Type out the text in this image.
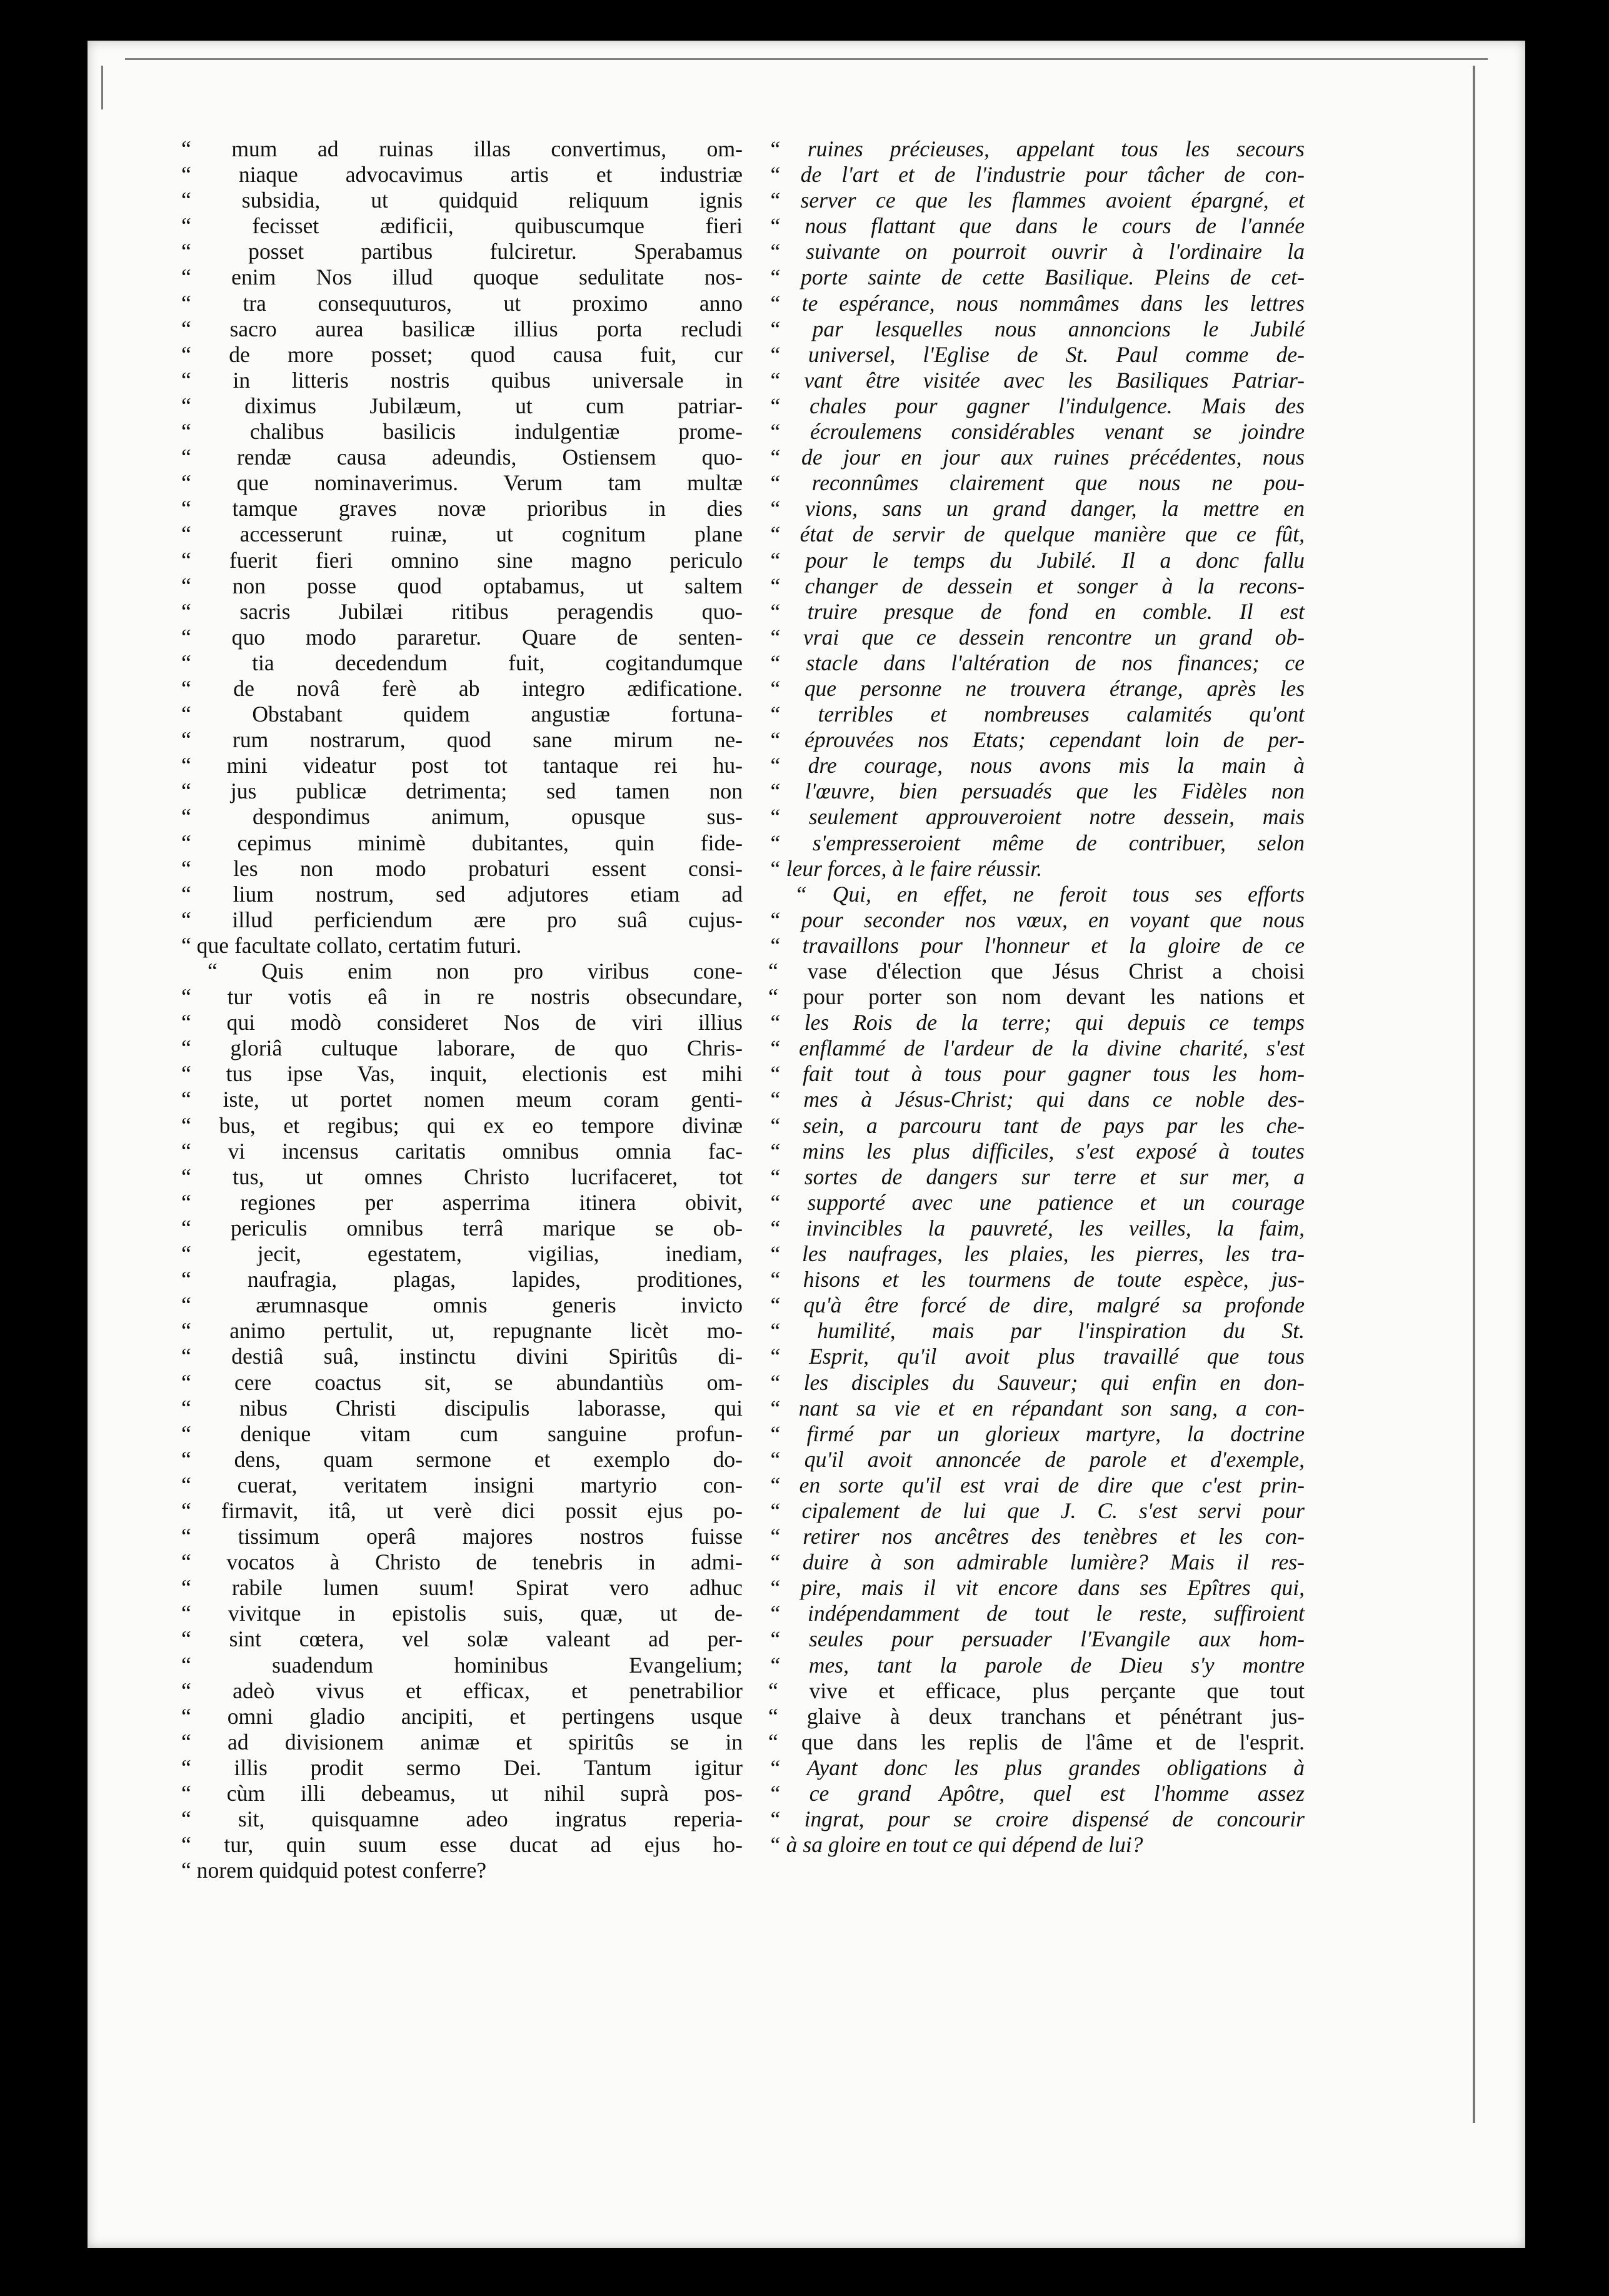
“ mum ad ruinas illas convertimus, om-
“ niaque advocavimus artis et industriæ
“ subsidia, ut quidquid reliquum ignis
“ fecisset ædificii, quibuscumque fieri
“ posset partibus fulciretur. Sperabamus
“ enim Nos illud quoque sedulitate nos-
“ tra consequuturos, ut proximo anno
“ sacro aurea basilicæ illius porta recludi
“ de more posset; quod causa fuit, cur
“ in litteris nostris quibus universale in
“ diximus Jubilæum, ut cum patriar-
“ chalibus basilicis indulgentiæ prome-
“ rendæ causa adeundis, Ostiensem quo-
“ que nominaverimus. Verum tam multæ
“ tamque graves novæ prioribus in dies
“ accesserunt ruinæ, ut cognitum plane
“ fuerit fieri omnino sine magno periculo
“ non posse quod optabamus, ut saltem
“ sacris Jubilæi ritibus peragendis quo-
“ quo modo pararetur. Quare de senten-
“ tia decedendum fuit, cogitandumque
“ de novâ ferè ab integro ædificatione.
“ Obstabant quidem angustiæ fortuna-
“ rum nostrarum, quod sane mirum ne-
“ mini videatur post tot tantaque rei hu-
“ jus publicæ detrimenta; sed tamen non
“ despondimus animum, opusque sus-
“ cepimus minimè dubitantes, quin fide-
“ les non modo probaturi essent consi-
“ lium nostrum, sed adjutores etiam ad
“ illud perficiendum ære pro suâ cujus-
“ que facultate collato, certatim futuri.
“ Quis enim non pro viribus cone-
“ tur votis eâ in re nostris obsecundare,
“ qui modò consideret Nos de viri illius
“ gloriâ cultuque laborare, de quo Chris-
“ tus ipse Vas, inquit, electionis est mihi
“ iste, ut portet nomen meum coram genti-
“ bus, et regibus; qui ex eo tempore divinæ
“ vi incensus caritatis omnibus omnia fac-
“ tus, ut omnes Christo lucrifaceret, tot
“ regiones per asperrima itinera obivit,
“ periculis omnibus terrâ marique se ob-
“ jecit, egestatem, vigilias, inediam,
“ naufragia, plagas, lapides, proditiones,
“ ærumnasque omnis generis invicto
“ animo pertulit, ut, repugnante licèt mo-
“ destiâ suâ, instinctu divini Spiritûs di-
“ cere coactus sit, se abundantiùs om-
“ nibus Christi discipulis laborasse, qui
“ denique vitam cum sanguine profun-
“ dens, quam sermone et exemplo do-
“ cuerat, veritatem insigni martyrio con-
“ firmavit, itâ, ut verè dici possit ejus po-
“ tissimum operâ majores nostros fuisse
“ vocatos à Christo de tenebris in admi-
“ rabile lumen suum! Spirat vero adhuc
“ vivitque in epistolis suis, quæ, ut de-
“ sint cœtera, vel solæ valeant ad per-
“ suadendum hominibus Evangelium;
“ adeò vivus et efficax, et penetrabilior
“ omni gladio ancipiti, et pertingens usque
“ ad divisionem animæ et spiritûs se in
“ illis prodit sermo Dei. Tantum igitur
“ cùm illi debeamus, ut nihil suprà pos-
“ sit, quisquamne adeo ingratus reperia-
“ tur, quin suum esse ducat ad ejus ho-
“ norem quidquid potest conferre?
“ ruines précieuses, appelant tous les secours
“ de l'art et de l'industrie pour tâcher de con-
“ server ce que les flammes avoient épargné, et
“ nous flattant que dans le cours de l'année
“ suivante on pourroit ouvrir à l'ordinaire la
“ porte sainte de cette Basilique. Pleins de cet-
“ te espérance, nous nommâmes dans les lettres
“ par lesquelles nous annoncions le Jubilé
“ universel, l'Eglise de St. Paul comme de-
“ vant être visitée avec les Basiliques Patriar-
“ chales pour gagner l'indulgence. Mais des
“ écroulemens considérables venant se joindre
“ de jour en jour aux ruines précédentes, nous
“ reconnûmes clairement que nous ne pou-
“ vions, sans un grand danger, la mettre en
“ état de servir de quelque manière que ce fût,
“ pour le temps du Jubilé. Il a donc fallu
“ changer de dessein et songer à la recons-
“ truire presque de fond en comble. Il est
“ vrai que ce dessein rencontre un grand ob-
“ stacle dans l'altération de nos finances; ce
“ que personne ne trouvera étrange, après les
“ terribles et nombreuses calamités qu'ont
“ éprouvées nos Etats; cependant loin de per-
“ dre courage, nous avons mis la main à
“ l'œuvre, bien persuadés que les Fidèles non
“ seulement approuveroient notre dessein, mais
“ s'empresseroient même de contribuer, selon
“ leur forces, à le faire réussir.
“ Qui, en effet, ne feroit tous ses efforts
“ pour seconder nos vœux, en voyant que nous
“ travaillons pour l'honneur et la gloire de ce
“ vase d'élection que Jésus Christ a choisi
“ pour porter son nom devant les nations et
“ les Rois de la terre; qui depuis ce temps
“ enflammé de l'ardeur de la divine charité, s'est
“ fait tout à tous pour gagner tous les hom-
“ mes à Jésus-Christ; qui dans ce noble des-
“ sein, a parcouru tant de pays par les che-
“ mins les plus difficiles, s'est exposé à toutes
“ sortes de dangers sur terre et sur mer, a
“ supporté avec une patience et un courage
“ invincibles la pauvreté, les veilles, la faim,
“ les naufrages, les plaies, les pierres, les tra-
“ hisons et les tourmens de toute espèce, jus-
“ qu'à être forcé de dire, malgré sa profonde
“ humilité, mais par l'inspiration du St.
“ Esprit, qu'il avoit plus travaillé que tous
“ les disciples du Sauveur; qui enfin en don-
“ nant sa vie et en répandant son sang, a con-
“ firmé par un glorieux martyre, la doctrine
“ qu'il avoit annoncée de parole et d'exemple,
“ en sorte qu'il est vrai de dire que c'est prin-
“ cipalement de lui que J. C. s'est servi pour
“ retirer nos ancêtres des tenèbres et les con-
“ duire à son admirable lumière? Mais il res-
“ pire, mais il vit encore dans ses Epîtres qui,
“ indépendamment de tout le reste, suffiroient
“ seules pour persuader l'Evangile aux hom-
“ mes, tant la parole de Dieu s'y montre
“ vive et efficace, plus perçante que tout
“ glaive à deux tranchans et pénétrant jus-
“ que dans les replis de l'âme et de l'esprit.
“ Ayant donc les plus grandes obligations à
“ ce grand Apôtre, quel est l'homme assez
“ ingrat, pour se croire dispensé de concourir
“ à sa gloire en tout ce qui dépend de lui?
